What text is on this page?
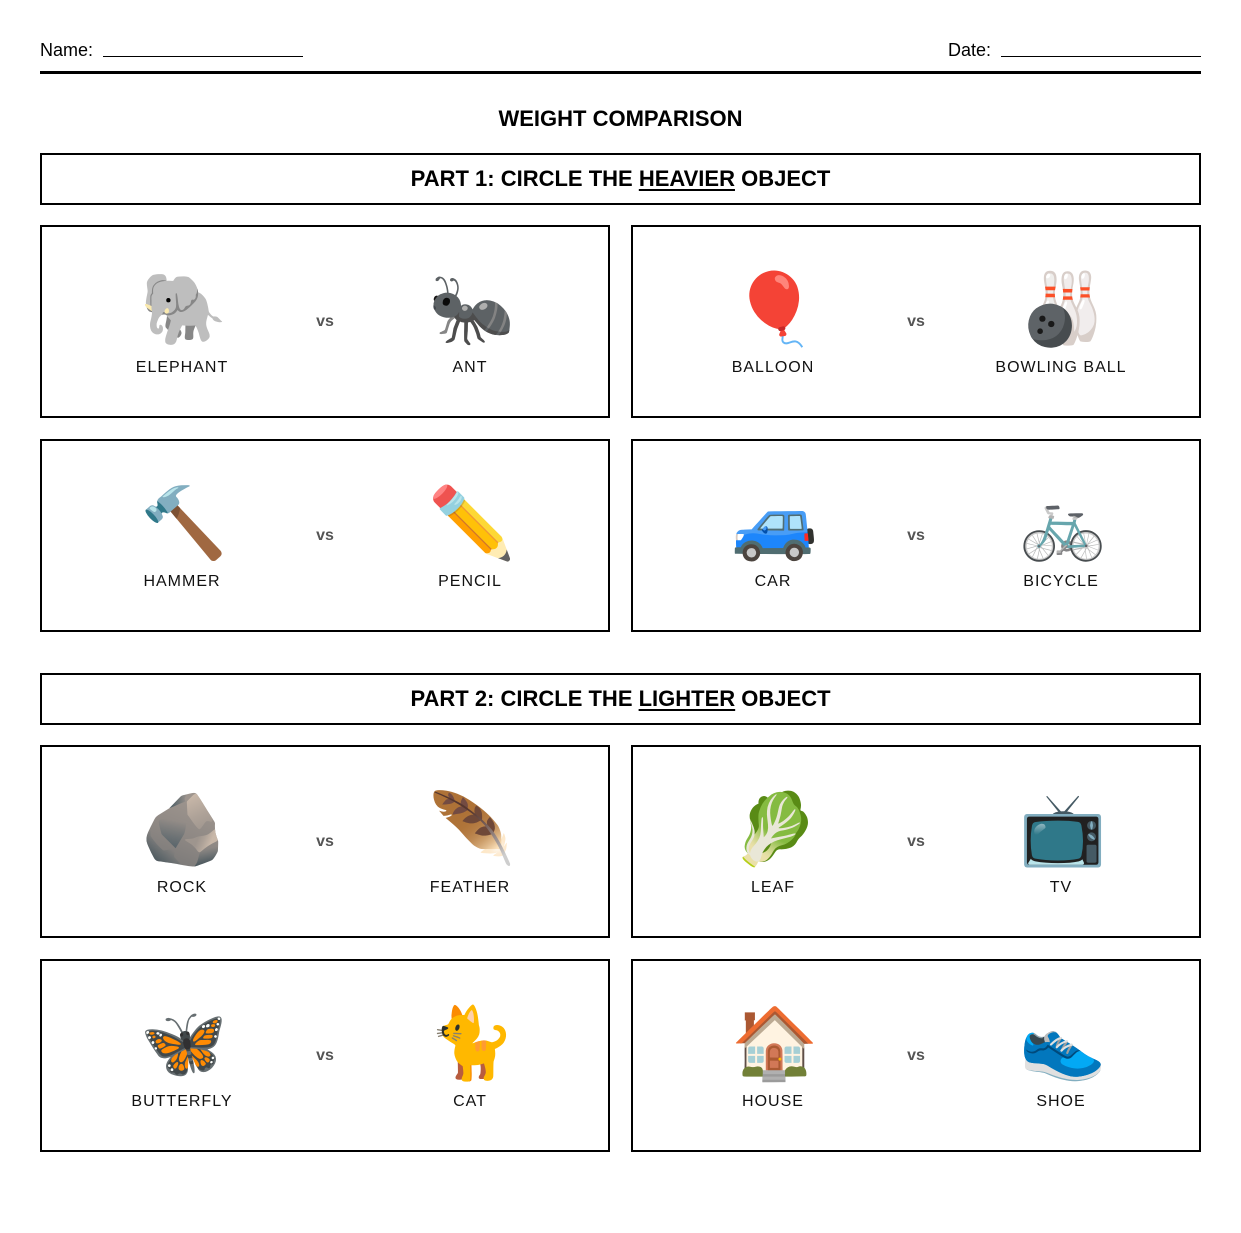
Name:	Date:
WEIGHT COMPARISON
PART 1: CIRCLE THE HEAVIER OBJECT
🐘
ELEPHANT
vs	🐜
ANT
🎈
BALLOON
vs	🎳
BOWLING BALL
🔨
HAMMER
vs	✏️
PENCIL
🚙
CAR
vs	🚲
BICYCLE
PART 2: CIRCLE THE LIGHTER OBJECT
🪨
ROCK
vs	🪶
FEATHER
🥬
LEAF
vs	📺
TV
🦋
BUTTERFLY
vs	🐈
CAT
🏠
HOUSE
vs	👟
SHOE
